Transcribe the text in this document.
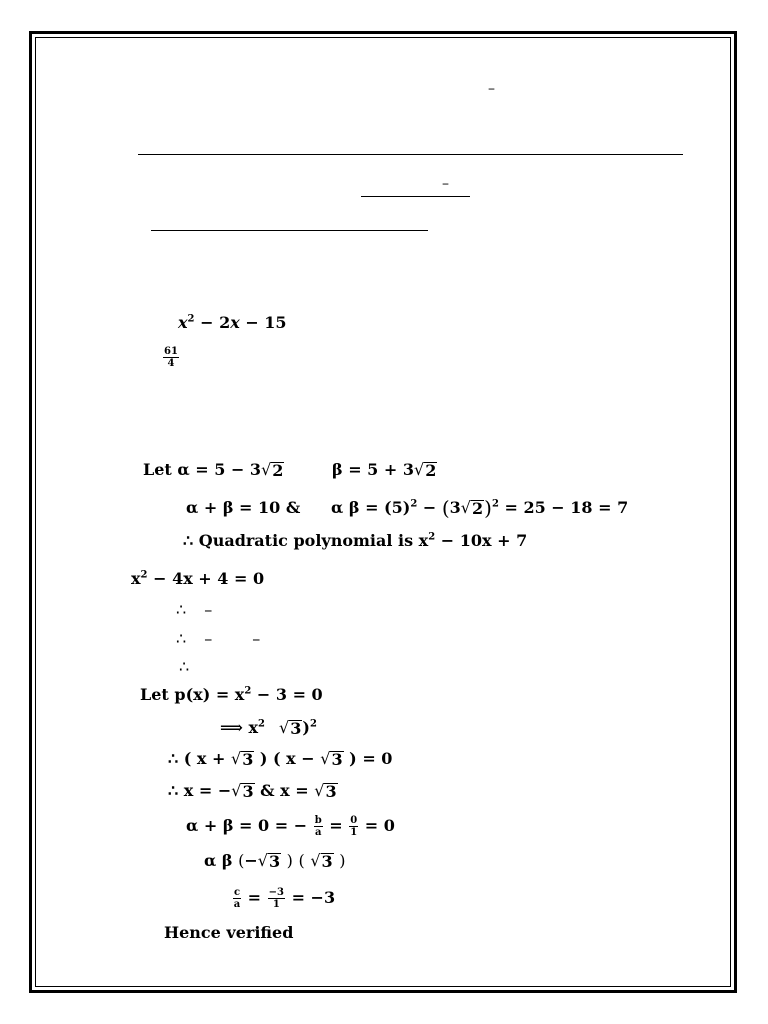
–
–
$x^2 - 2x - 15$
$\frac{61}{4}$
Let α = 5 − 3 √ 2	β = 5 + 3 √ 2
α + β = 10 & α $\beta = (5)^2 - (3$ √ 2 )$^2$ = 25 − 18 = 7
∴ Quadratic polynomial is $x^2 - 10x + 7$
$x^2 - 4x + 4 = 0$
∴ –
∴ –	–
∴
Let $p(x) = x^2 - 3 = 0$
⟹ $x^2$ √ 3 )$^2$
∴ ( x + √ 3 ) ( x − √ 3 ) = 0
∴ x = − √ 3 & x = √ 3
α + β = 0 = − $\frac{b}{a} = \frac{0}{1} = 0$
α β (− √ 3 ) ( √ 3 )
$\frac{c}{a} = \frac{-3}{1} = -3$
Hence verified
